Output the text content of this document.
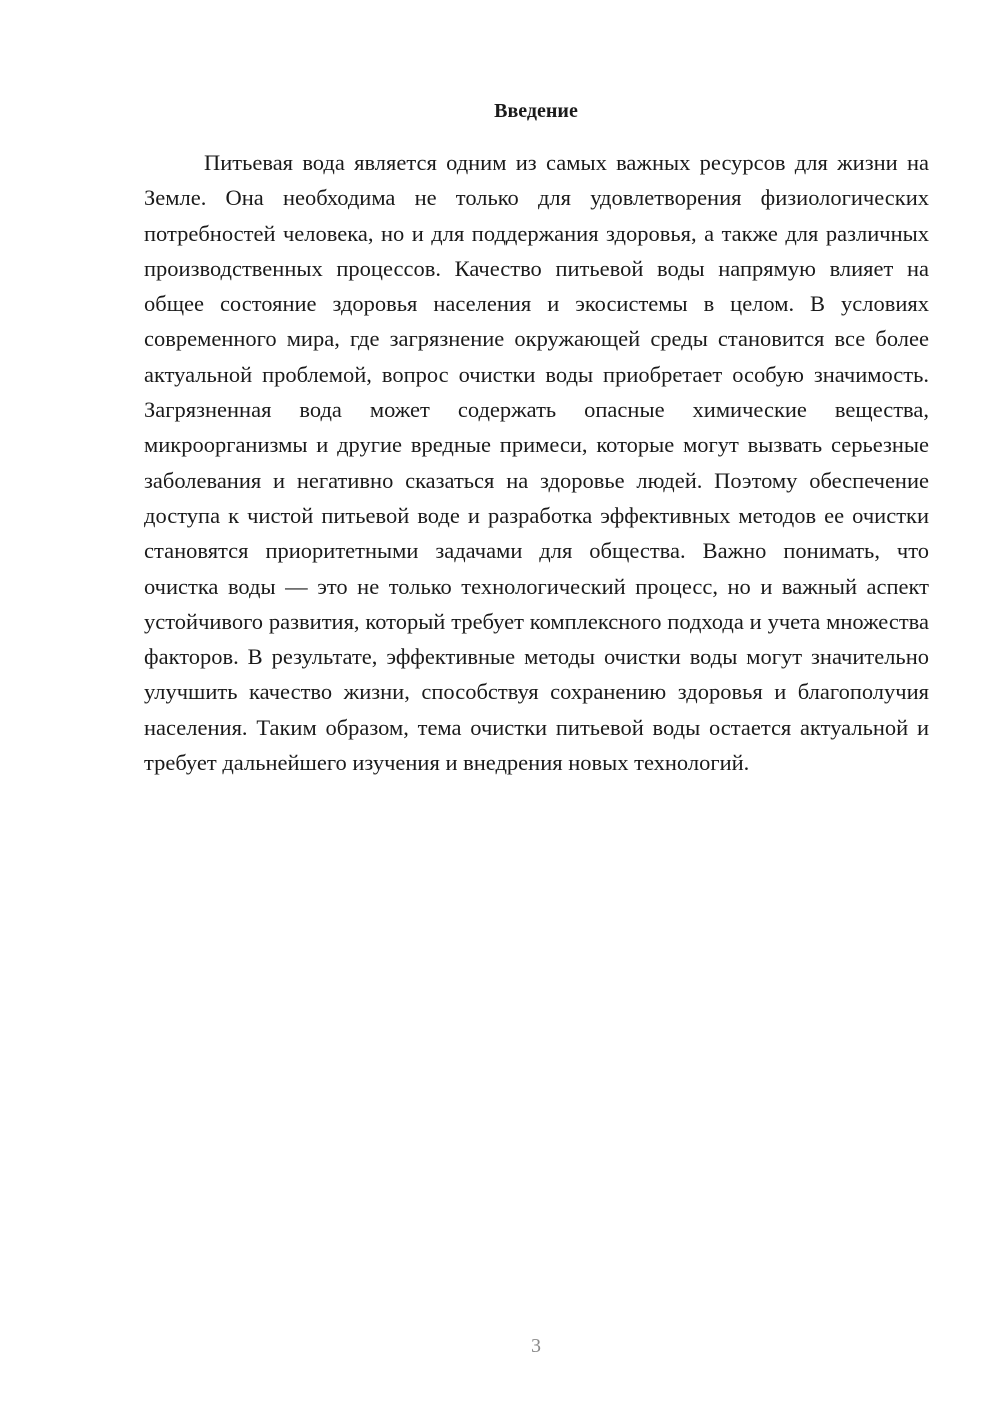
Введение

Питьевая вода является одним из самых важных ресурсов для жизни на Земле. Она необходима не только для удовлетворения физиологических потребностей человека, но и для поддержания здоровья, а также для различных производственных процессов. Качество питьевой воды напрямую влияет на общее состояние здоровья населения и экосистемы в целом. В условиях современного мира, где загрязнение окружающей среды становится все более актуальной проблемой, вопрос очистки воды приобретает особую значимость. Загрязненная вода может содержать опасные химические вещества, микроорганизмы и другие вредные примеси, которые могут вызвать серьезные заболевания и негативно сказаться на здоровье людей. Поэтому обеспечение доступа к чистой питьевой воде и разработка эффективных методов ее очистки становятся приоритетными задачами для общества. Важно понимать, что очистка воды — это не только технологический процесс, но и важный аспект устойчивого развития, который требует комплексного подхода и учета множества факторов. В результате, эффективные методы очистки воды могут значительно улучшить качество жизни, способствуя сохранению здоровья и благополучия населения. Таким образом, тема очистки питьевой воды остается актуальной и требует дальнейшего изучения и внедрения новых технологий.

3
